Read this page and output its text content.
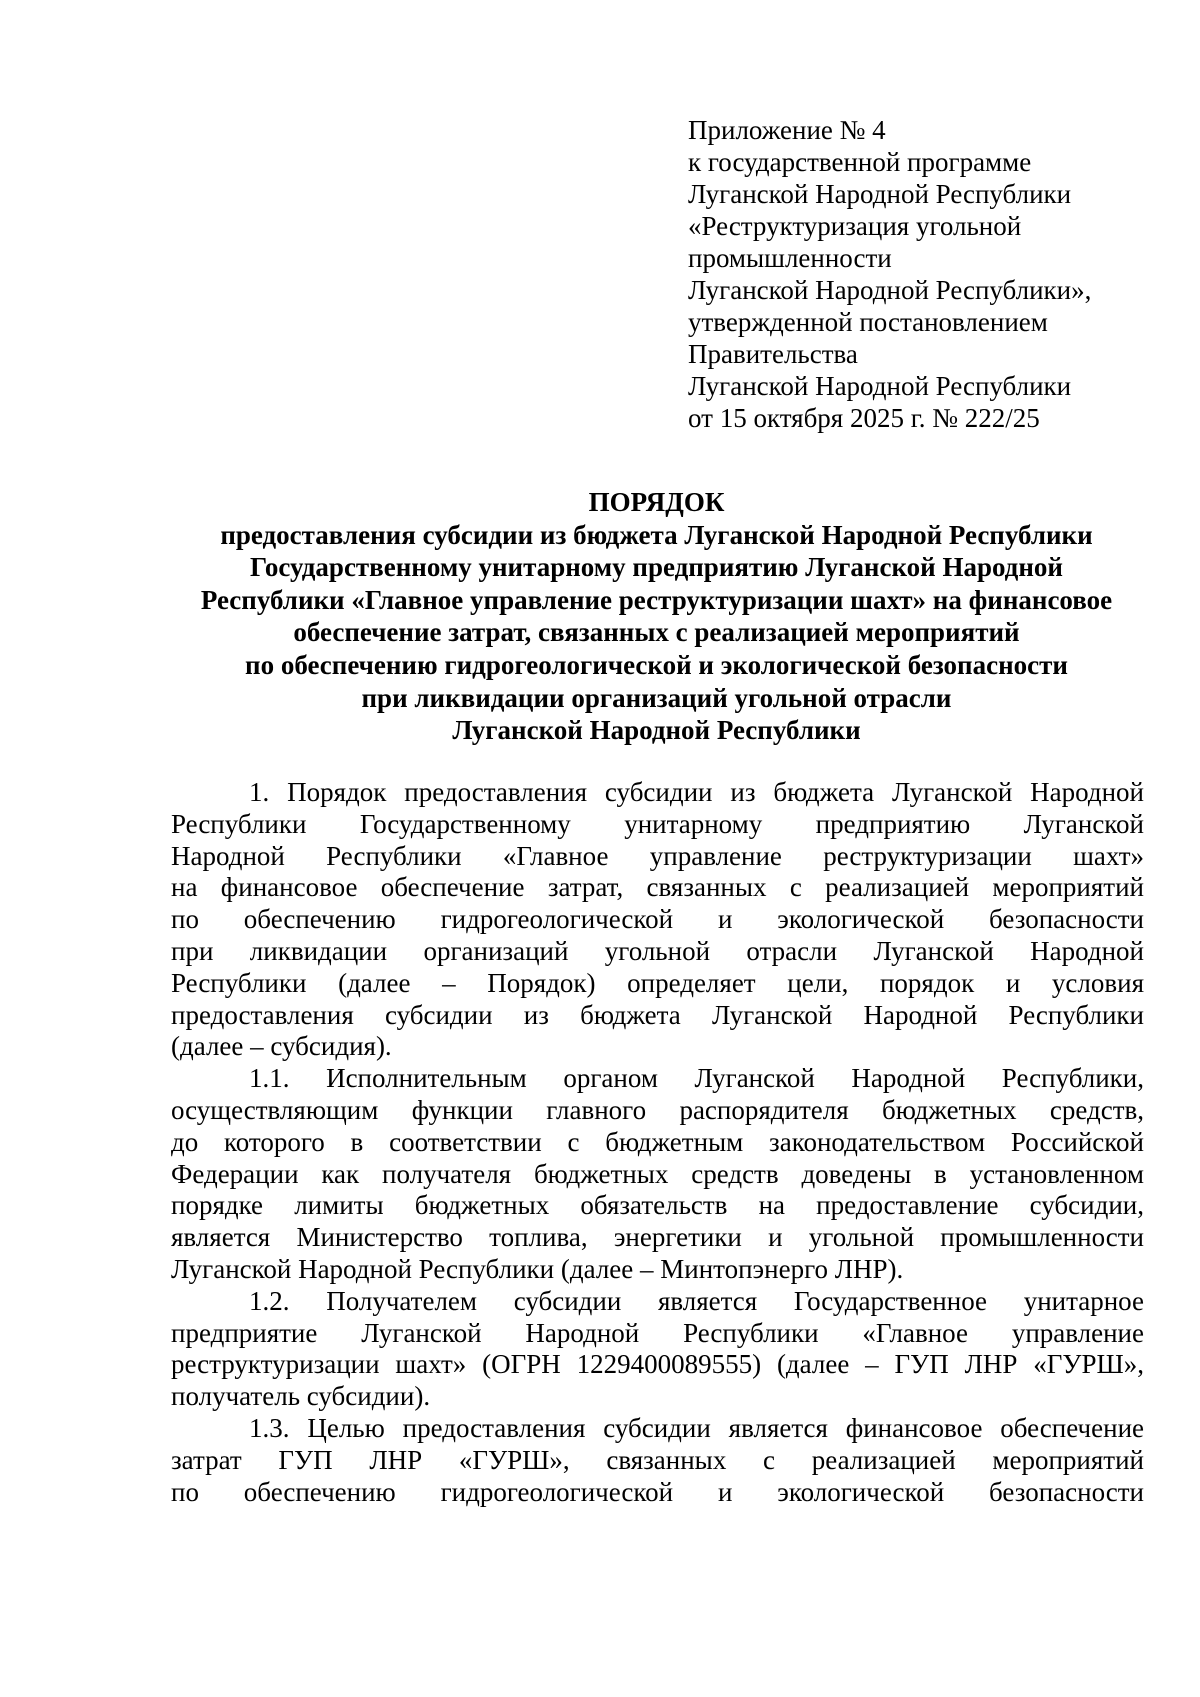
Приложение № 4
к государственной программе
Луганской Народной Республики
«Реструктуризация угольной
промышленности
Луганской Народной Республики»,
утвержденной постановлением
Правительства
Луганской Народной Республики
от 15 октября 2025 г. № 222/25
ПОРЯДОК
предоставления субсидии из бюджета Луганской Народной Республики
Государственному унитарному предприятию Луганской Народной
Республики «Главное управление реструктуризации шахт» на финансовое
обеспечение затрат, связанных с реализацией мероприятий
по обеспечению гидрогеологической и экологической безопасности
при ликвидации организаций угольной отрасли
Луганской Народной Республики
1. Порядок предоставления субсидии из бюджета Луганской Народной
Республики Государственному унитарному предприятию Луганской
Народной Республики «Главное управление реструктуризации шахт»
на финансовое обеспечение затрат, связанных с реализацией мероприятий
по обеспечению гидрогеологической и экологической безопасности
при ликвидации организаций угольной отрасли Луганской Народной
Республики (далее – Порядок) определяет цели, порядок и условия
предоставления субсидии из бюджета Луганской Народной Республики
(далее – субсидия).
1.1. Исполнительным органом Луганской Народной Республики,
осуществляющим функции главного распорядителя бюджетных средств,
до которого в соответствии с бюджетным законодательством Российской
Федерации как получателя бюджетных средств доведены в установленном
порядке лимиты бюджетных обязательств на предоставление субсидии,
является Министерство топлива, энергетики и угольной промышленности
Луганской Народной Республики (далее – Минтопэнерго ЛНР).
1.2. Получателем субсидии является Государственное унитарное
предприятие Луганской Народной Республики «Главное управление
реструктуризации шахт» (ОГРН 1229400089555) (далее – ГУП ЛНР «ГУРШ»,
получатель субсидии).
1.3. Целью предоставления субсидии является финансовое обеспечение
затрат ГУП ЛНР «ГУРШ», связанных с реализацией мероприятий
по обеспечению гидрогеологической и экологической безопасности
